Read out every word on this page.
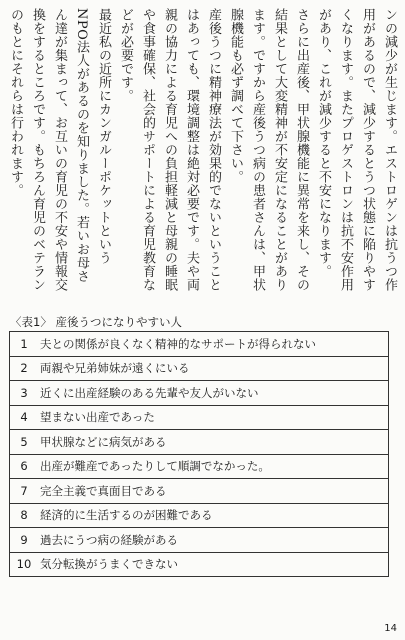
ンの減少が生じます。エストロゲンは抗うつ作用があるので、減少するとうつ状態に陥りやすくなります。またプロゲストロンは抗不安作用があり、これが減少すると不安になります。

さらに出産後、甲状腺機能に異常を来し、その結果として大変精神が不安定になることがあります。ですから産後うつ病の患者さんは、甲状腺機能も必ず調べて下さい。

産後うつに精神療法が効果的でないということはあっても、環境調整は絶対必要です。夫や両親の協力による育児への負担軽減と母親の睡眠や食事確保、社会的サポートによる育児教育などが必要です。

最近私の近所にカンガルーポケットというNPO法人があるのを知りました。若いお母さん達が集まって、お互いの育児の不安や情報交換をするところです。もちろん育児のベテランのもとにそれらは行われます。

〈表1〉 産後うつになりやすい人
1	夫との関係が良くなく精神的なサポートが得られない
2	両親や兄弟姉妹が遠くにいる
3	近くに出産経験のある先輩や友人がいない
4	望まない出産であった
5	甲状腺などに病気がある
6	出産が難産であったりして順調でなかった。
7	完全主義で真面目である
8	経済的に生活するのが困難である
9	過去にうつ病の経験がある
10 気分転換がうまくできない
14
